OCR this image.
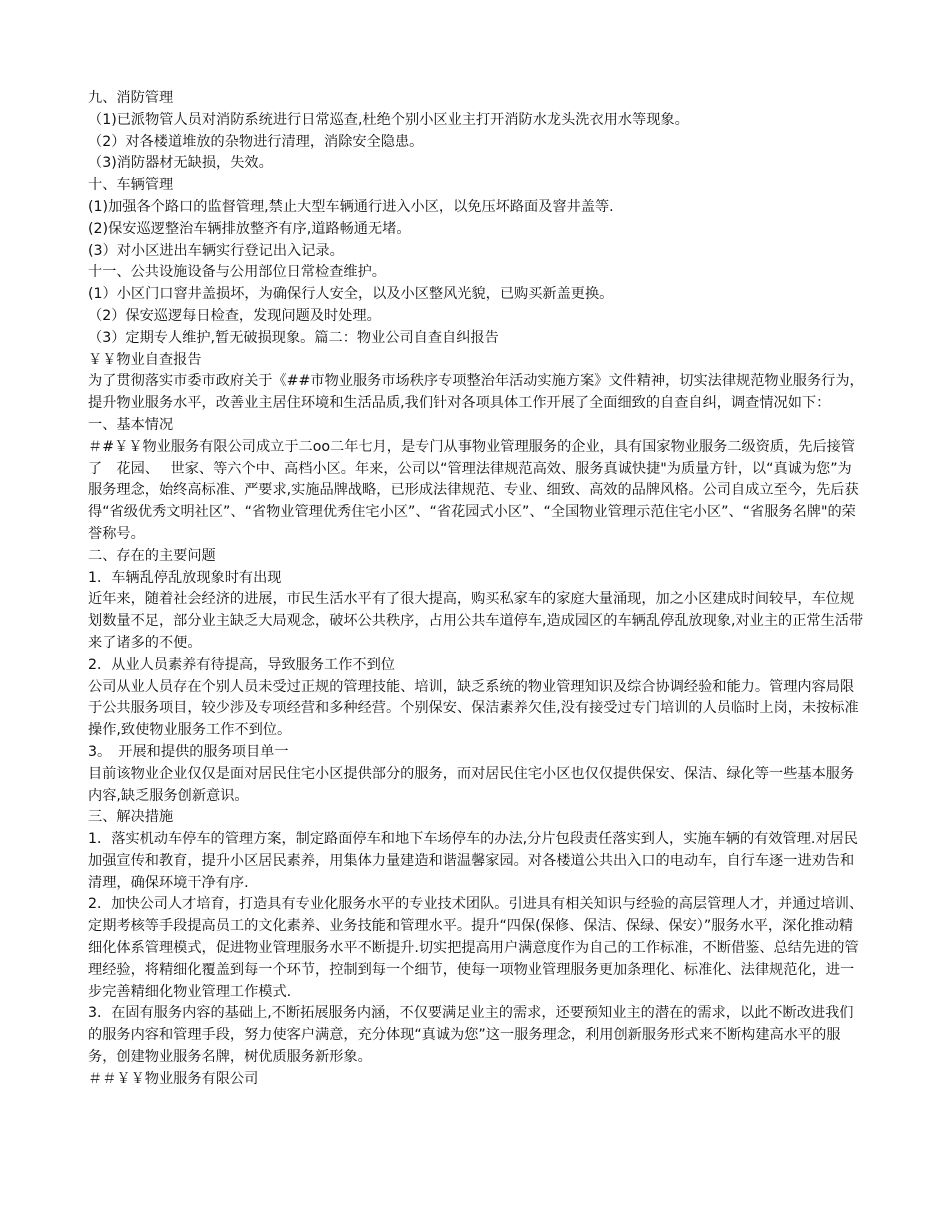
九、消防管理

（1)已派物管人员对消防系统进行日常巡查,杜绝个别小区业主打开消防水龙头洗衣用水等现象。

（2）对各楼道堆放的杂物进行清理，消除安全隐患。

（3)消防器材无缺损，失效。

十、车辆管理

(1)加强各个路口的监督管理,禁止大型车辆通行进入小区，以免压坏路面及窨井盖等.

(2)保安巡逻整治车辆排放整齐有序,道路畅通无堵。

(3）对小区进出车辆实行登记出入记录。

十一、公共设施设备与公用部位日常检查维护。

(1）小区门口窨井盖损坏，为确保行人安全，以及小区整风光貌，已购买新盖更换。

（2）保安巡逻每日检查，发现问题及时处理。

（3）定期专人维护,暂无破损现象。篇二：物业公司自查自纠报告

￥￥物业自查报告

为了贯彻落实市委市政府关于《##市物业服务市场秩序专项整治年活动实施方案》文件精神，切实法律规范物业服务行为，提升物业服务水平，改善业主居住环境和生活品质,我们针对各项具体工作开展了全面细致的自查自纠，调查情况如下：

一、基本情况

＃#￥￥物业服务有限公司成立于二oo二年七月，是专门从事物业管理服务的企业，具有国家物业服务二级资质，先后接管了　花园、　 世家、等六个中、高档小区。年来，公司以“管理法律规范高效、服务真诚快捷"为质量方针，以“真诚为您”为服务理念，始终高标准、严要求,实施品牌战略，已形成法律规范、专业、细致、高效的品牌风格。公司自成立至今，先后获得“省级优秀文明社区”、“省物业管理优秀住宅小区”、“省花园式小区”、“全国物业管理示范住宅小区”、“省服务名牌"的荣誉称号。

二、存在的主要问题

1．车辆乱停乱放现象时有出现

近年来，随着社会经济的进展，市民生活水平有了很大提高，购买私家车的家庭大量涌现，加之小区建成时间较早，车位规划数量不足，部分业主缺乏大局观念，破坏公共秩序，占用公共车道停车,造成园区的车辆乱停乱放现象,对业主的正常生活带来了诸多的不便。

2．从业人员素养有待提高，导致服务工作不到位

公司从业人员存在个别人员未受过正规的管理技能、培训，缺乏系统的物业管理知识及综合协调经验和能力。管理内容局限于公共服务项目，较少涉及专项经营和多种经营。个别保安、保洁素养欠佳,没有接受过专门培训的人员临时上岗，未按标准操作,致使物业服务工作不到位。

3。　开展和提供的服务项目单一

目前该物业企业仅仅是面对居民住宅小区提供部分的服务，而对居民住宅小区也仅仅提供保安、保洁、绿化等一些基本服务内容,缺乏服务创新意识。

三、解决措施

1．落实机动车停车的管理方案，制定路面停车和地下车场停车的办法,分片包段责任落实到人，实施车辆的有效管理.对居民加强宣传和教育，提升小区居民素养，用集体力量建造和谐温馨家园。对各楼道公共出入口的电动车，自行车逐一进劝告和清理，确保环境干净有序.

2．加快公司人才培育，打造具有专业化服务水平的专业技术团队。引进具有相关知识与经验的高层管理人才，并通过培训、定期考核等手段提高员工的文化素养、业务技能和管理水平。提升“四保(保修、保洁、保绿、保安）”服务水平，深化推动精细化体系管理模式，促进物业管理服务水平不断提升.切实把提高用户满意度作为自己的工作标准，不断借鉴、总结先进的管理经验，将精细化覆盖到每一个环节，控制到每一个细节，使每一项物业管理服务更加条理化、标准化、法律规范化，进一步完善精细化物业管理工作模式.

3．在固有服务内容的基础上,不断拓展服务内涵，不仅要满足业主的需求，还要预知业主的潜在的需求，以此不断改进我们的服务内容和管理手段，努力使客户满意，充分体现“真诚为您”这一服务理念，利用创新服务形式来不断构建高水平的服务，创建物业服务名牌，树优质服务新形象。

＃＃￥￥物业服务有限公司
